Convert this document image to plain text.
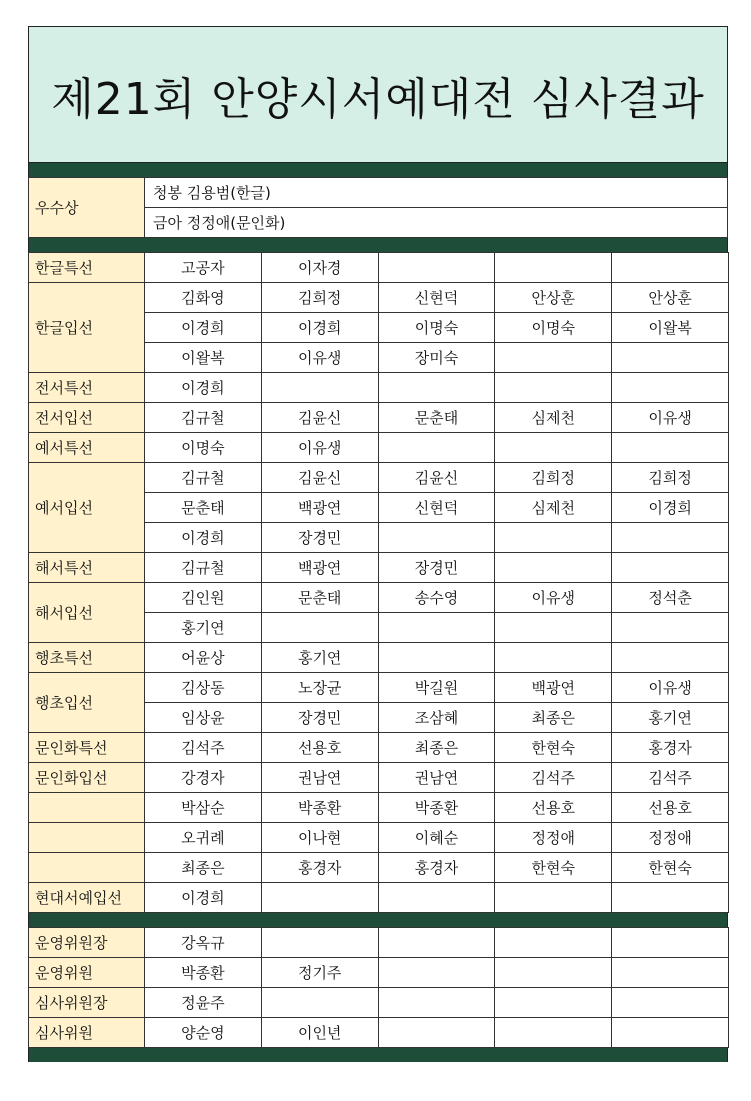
제21회 안양시서예대전 심사결과
우수상	청봉 김용범(한글)
금아 정정애(문인화)
한글특선	고공자	이자경			
한글입선	김화영	김희정	신현덕	안상훈	안상훈
	이경희	이경희	이명숙	이명숙	이왈복
	이왈복	이유생	장미숙		
전서특선	이경희				
전서입선	김규철	김윤신	문춘태	심제천	이유생
예서특선	이명숙	이유생			
예서입선	김규철	김윤신	김윤신	김희정	김희정
	문춘태	백광연	신현덕	심제천	이경희
	이경희	장경민			
해서특선	김규철	백광연	장경민		
해서입선	김인원	문춘태	송수영	이유생	정석춘
	홍기연				
행초특선	어윤상	홍기연			
행초입선	김상동	노장균	박길원	백광연	이유생
	임상윤	장경민	조삼혜	최종은	홍기연
문인화특선	김석주	선용호	최종은	한현숙	홍경자
문인화입선	강경자	권남연	권남연	김석주	김석주
	박삼순	박종환	박종환	선용호	선용호
	오귀례	이나현	이혜순	정정애	정정애
	최종은	홍경자	홍경자	한현숙	한현숙
현대서예입선	이경희				
운영위원장	강옥규				
운영위원	박종환	정기주			
심사위원장	정윤주				
심사위원	양순영	이인년			
